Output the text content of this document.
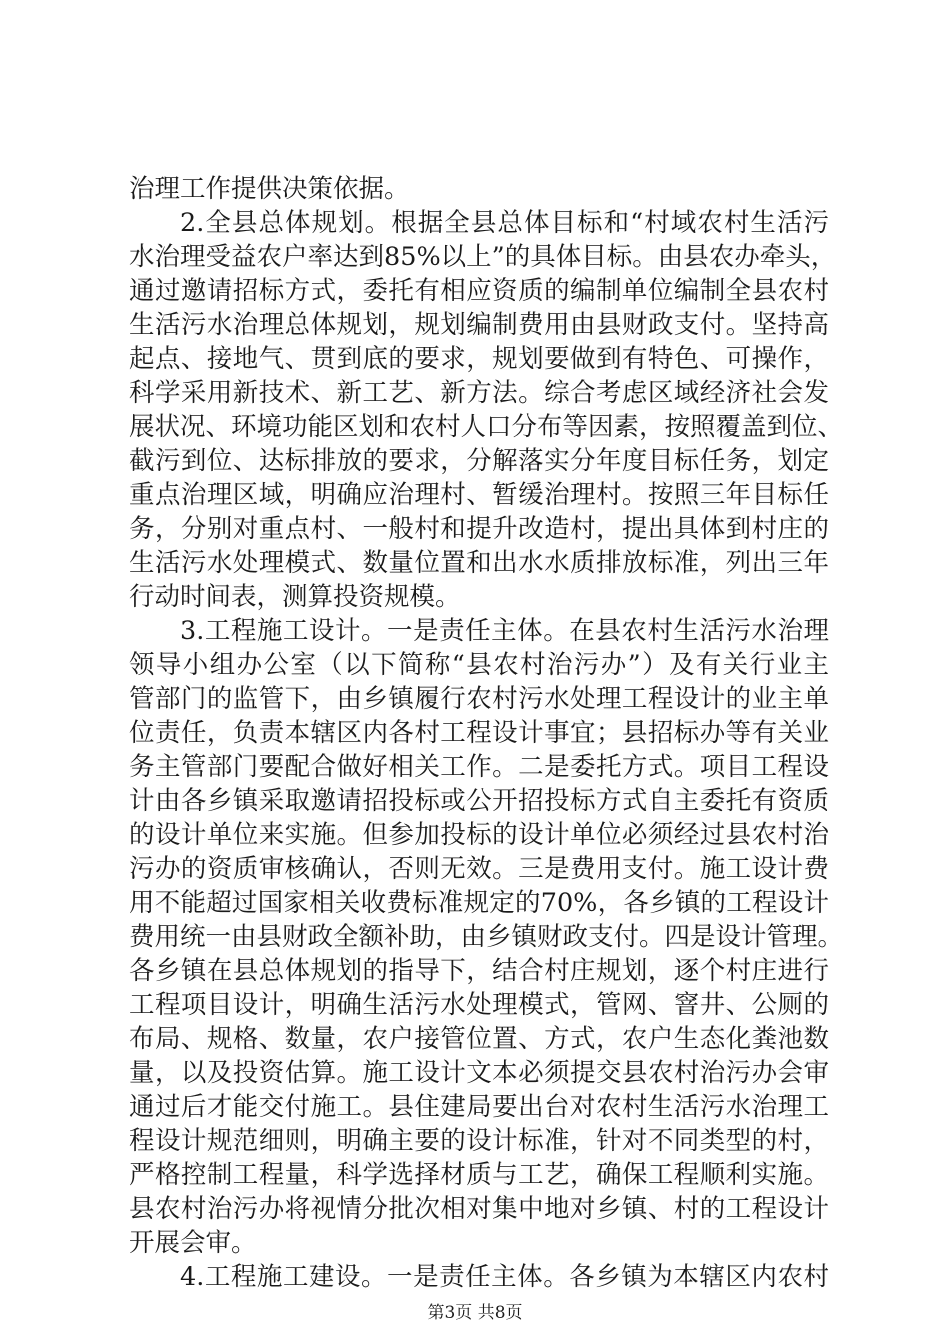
治理工作提供决策依据。
2.全县总体规划。根据全县总体目标和“村域农村生活污
水治理受益农户率达到85%以上”的具体目标。由县农办牵头，
通过邀请招标方式，委托有相应资质的编制单位编制全县农村
生活污水治理总体规划，规划编制费用由县财政支付。坚持高
起点、接地气、贯到底的要求，规划要做到有特色、可操作，
科学采用新技术、新工艺、新方法。综合考虑区域经济社会发
展状况、环境功能区划和农村人口分布等因素，按照覆盖到位、
截污到位、达标排放的要求，分解落实分年度目标任务，划定
重点治理区域，明确应治理村、暂缓治理村。按照三年目标任
务，分别对重点村、一般村和提升改造村，提出具体到村庄的
生活污水处理模式、数量位置和出水水质排放标准，列出三年
行动时间表，测算投资规模。
3.工程施工设计。一是责任主体。在县农村生活污水治理
领导小组办公室（以下简称“县农村治污办”）及有关行业主
管部门的监管下，由乡镇履行农村污水处理工程设计的业主单
位责任，负责本辖区内各村工程设计事宜；县招标办等有关业
务主管部门要配合做好相关工作。二是委托方式。项目工程设
计由各乡镇采取邀请招投标或公开招投标方式自主委托有资质
的设计单位来实施。但参加投标的设计单位必须经过县农村治
污办的资质审核确认，否则无效。三是费用支付。施工设计费
用不能超过国家相关收费标准规定的70%，各乡镇的工程设计
费用统一由县财政全额补助，由乡镇财政支付。四是设计管理。
各乡镇在县总体规划的指导下，结合村庄规划，逐个村庄进行
工程项目设计，明确生活污水处理模式，管网、窨井、公厕的
布局、规格、数量，农户接管位置、方式，农户生态化粪池数
量，以及投资估算。施工设计文本必须提交县农村治污办会审
通过后才能交付施工。县住建局要出台对农村生活污水治理工
程设计规范细则，明确主要的设计标准，针对不同类型的村，
严格控制工程量，科学选择材质与工艺，确保工程顺利实施。
县农村治污办将视情分批次相对集中地对乡镇、村的工程设计
开展会审。
4.工程施工建设。一是责任主体。各乡镇为本辖区内农村
第3页 共8页
